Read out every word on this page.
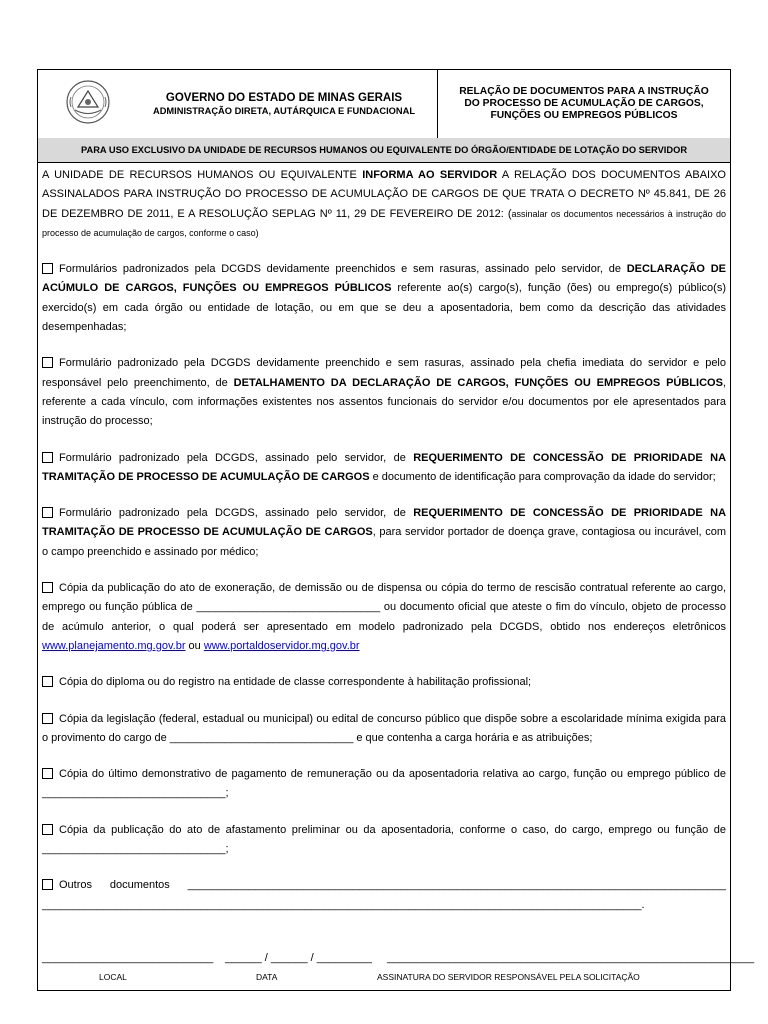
GOVERNO DO ESTADO DE MINAS GERAIS
ADMINISTRAÇÃO DIRETA, AUTÁRQUICA E FUNDACIONAL
RELAÇÃO DE DOCUMENTOS PARA A INSTRUÇÃO
DO PROCESSO DE ACUMULAÇÃO DE CARGOS,
FUNÇÕES OU EMPREGOS PÚBLICOS
PARA USO EXCLUSIVO DA UNIDADE DE RECURSOS HUMANOS OU EQUIVALENTE DO ÓRGÃO/ENTIDADE DE LOTAÇÃO DO SERVIDOR

A UNIDADE DE RECURSOS HUMANOS OU EQUIVALENTE INFORMA AO SERVIDOR A RELAÇÃO DOS DOCUMENTOS ABAIXO ASSINALADOS PARA INSTRUÇÃO DO PROCESSO DE ACUMULAÇÃO DE CARGOS DE QUE TRATA O DECRETO Nº 45.841, DE 26 DE DEZEMBRO DE 2011, E A RESOLUÇÃO SEPLAG Nº 11, 29 DE FEVEREIRO DE 2012: (assinalar os documentos necessários à instrução do processo de acumulação de cargos, conforme o caso)

Formulários padronizados pela DCGDS devidamente preenchidos e sem rasuras, assinado pelo servidor, de DECLARAÇÃO DE ACÚMULO DE CARGOS, FUNÇÕES OU EMPREGOS PÚBLICOS referente ao(s) cargo(s), função (ões) ou emprego(s) público(s) exercido(s) em cada órgão ou entidade de lotação, ou em que se deu a aposentadoria, bem como da descrição das atividades desempenhadas;

Formulário padronizado pela DCGDS devidamente preenchido e sem rasuras, assinado pela chefia imediata do servidor e pelo responsável pelo preenchimento, de DETALHAMENTO DA DECLARAÇÃO DE CARGOS, FUNÇÕES OU EMPREGOS PÚBLICOS, referente a cada vínculo, com informações existentes nos assentos funcionais do servidor e/ou documentos por ele apresentados para instrução do processo;

Formulário padronizado pela DCGDS, assinado pelo servidor, de REQUERIMENTO DE CONCESSÃO DE PRIORIDADE NA TRAMITAÇÃO DE PROCESSO DE ACUMULAÇÃO DE CARGOS e documento de identificação para comprovação da idade do servidor;

Formulário padronizado pela DCGDS, assinado pelo servidor, de REQUERIMENTO DE CONCESSÃO DE PRIORIDADE NA TRAMITAÇÃO DE PROCESSO DE ACUMULAÇÃO DE CARGOS, para servidor portador de doença grave, contagiosa ou incurável, com o campo preenchido e assinado por médico;

Cópia da publicação do ato de exoneração, de demissão ou de dispensa ou cópia do termo de rescisão contratual referente ao cargo, emprego ou função pública de ______________________________ ou documento oficial que ateste o fim do vínculo, objeto de processo de acúmulo anterior, o qual poderá ser apresentado em modelo padronizado pela DCGDS, obtido nos endereços eletrônicos www.planejamento.mg.gov.br ou www.portaldoservidor.mg.gov.br

Cópia do diploma ou do registro na entidade de classe correspondente à habilitação profissional;

Cópia da legislação (federal, estadual ou municipal) ou edital de concurso público que dispõe sobre a escolaridade mínima exigida para o provimento do cargo de ______________________________ e que contenha a carga horária e as atribuições;

Cópia do último demonstrativo de pagamento de remuneração ou da aposentadoria relativa ao cargo, função ou emprego público de ______________________________;

Cópia da publicação do ato de afastamento preliminar ou da aposentadoria, conforme o caso, do cargo, emprego ou função de ______________________________;

Outros documentos ________________________________________________________________________________________ __________________________________________________________________________________________________.

____________________________ ______ / ______ / _________ ____________________________________________________________
LOCAL	DATA	ASSINATURA DO SERVIDOR RESPONSÁVEL PELA SOLICITAÇÃO
